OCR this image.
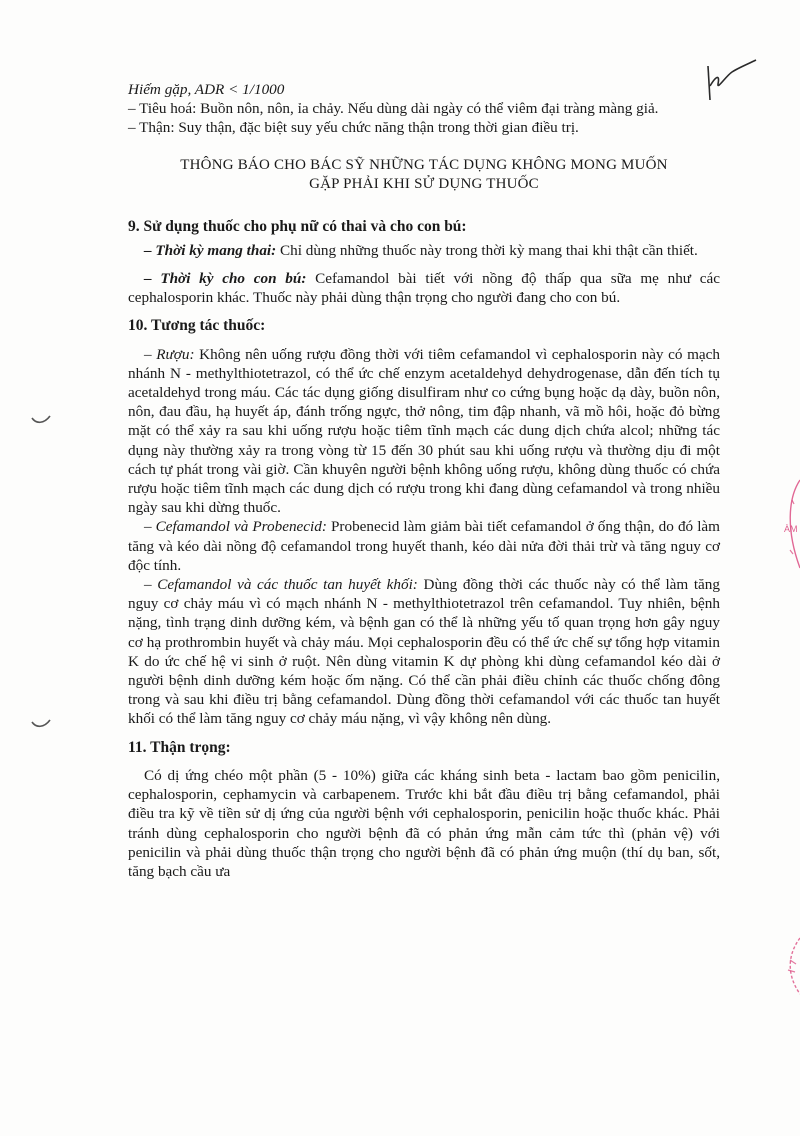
ÀM

Hiếm gặp, ADR < 1/1000

– Tiêu hoá: Buồn nôn, nôn, ỉa chảy. Nếu dùng dài ngày có thể viêm đại tràng màng giả.

– Thận: Suy thận, đặc biệt suy yếu chức năng thận trong thời gian điều trị.

THÔNG BÁO CHO BÁC SỸ NHỮNG TÁC DỤNG KHÔNG MONG MUỐN
GẶP PHẢI KHI SỬ DỤNG THUỐC

9. Sử dụng thuốc cho phụ nữ có thai và cho con bú:

– Thời kỳ mang thai: Chỉ dùng những thuốc này trong thời kỳ mang thai khi thật cần thiết.

– Thời kỳ cho con bú: Cefamandol bài tiết với nồng độ thấp qua sữa mẹ như các cephalosporin khác. Thuốc này phải dùng thận trọng cho người đang cho con bú.

10. Tương tác thuốc:

– Rượu: Không nên uống rượu đồng thời với tiêm cefamandol vì cephalosporin này có mạch nhánh N - methylthiotetrazol, có thể ức chế enzym acetaldehyd dehydrogenase, dẫn đến tích tụ acetaldehyd trong máu. Các tác dụng giống disulfiram như co cứng bụng hoặc dạ dày, buồn nôn, nôn, đau đầu, hạ huyết áp, đánh trống ngực, thở nông, tim đập nhanh, vã mồ hôi, hoặc đỏ bừng mặt có thể xảy ra sau khi uống rượu hoặc tiêm tĩnh mạch các dung dịch chứa alcol; những tác dụng này thường xảy ra trong vòng từ 15 đến 30 phút sau khi uống rượu và thường dịu đi một cách tự phát trong vài giờ. Cần khuyên người bệnh không uống rượu, không dùng thuốc có chứa rượu hoặc tiêm tĩnh mạch các dung dịch có rượu trong khi đang dùng cefamandol và trong nhiều ngày sau khi dừng thuốc.

– Cefamandol và Probenecid: Probenecid làm giảm bài tiết cefamandol ở ống thận, do đó làm tăng và kéo dài nồng độ cefamandol trong huyết thanh, kéo dài nửa đời thải trừ và tăng nguy cơ độc tính.

– Cefamandol và các thuốc tan huyết khối: Dùng đồng thời các thuốc này có thể làm tăng nguy cơ chảy máu vì có mạch nhánh N - methylthiotetrazol trên cefamandol. Tuy nhiên, bệnh nặng, tình trạng dinh dưỡng kém, và bệnh gan có thể là những yếu tố quan trọng hơn gây nguy cơ hạ prothrombin huyết và chảy máu. Mọi cephalosporin đều có thể ức chế sự tổng hợp vitamin K do ức chế hệ vi sinh ở ruột. Nên dùng vitamin K dự phòng khi dùng cefamandol kéo dài ở người bệnh dinh dưỡng kém hoặc ốm nặng. Có thể cần phải điều chỉnh các thuốc chống đông trong và sau khi điều trị bằng cefamandol. Dùng đồng thời cefamandol với các thuốc tan huyết khối có thể làm tăng nguy cơ chảy máu nặng, vì vậy không nên dùng.

11. Thận trọng:

Có dị ứng chéo một phần (5 - 10%) giữa các kháng sinh beta - lactam bao gồm penicilin, cephalosporin, cephamycin và carbapenem. Trước khi bắt đầu điều trị bằng cefamandol, phải điều tra kỹ về tiền sử dị ứng của người bệnh với cephalosporin, penicilin hoặc thuốc khác. Phải tránh dùng cephalosporin cho người bệnh đã có phản ứng mẫn cảm tức thì (phản vệ) với penicilin và phải dùng thuốc thận trọng cho người bệnh đã có phản ứng muộn (thí dụ ban, sốt, tăng bạch cầu ưa
